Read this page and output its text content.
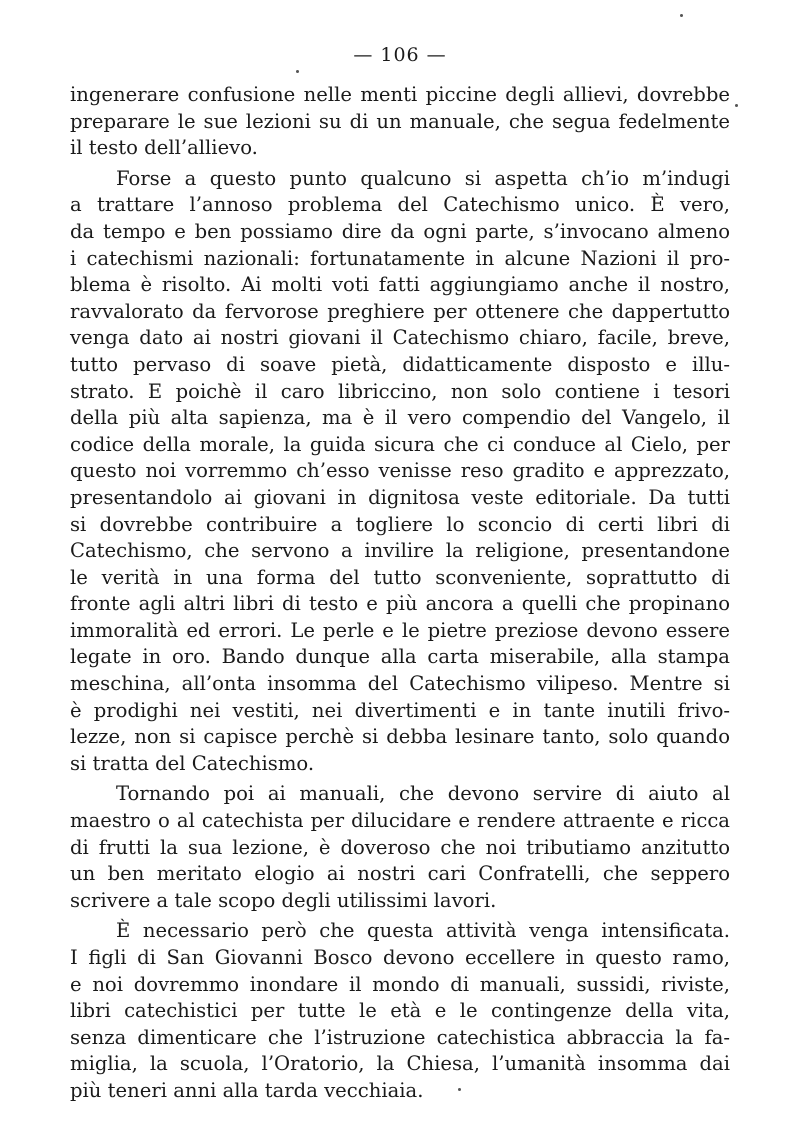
— 106 —

ingenerare confusione nelle menti piccine degli allievi, dovrebbe
preparare le sue lezioni su di un manuale, che segua fedelmente
il testo dell’allievo.

Forse a questo punto qualcuno si aspetta ch’io m’indugi
a trattare l’annoso problema del Catechismo unico. È vero,
da tempo e ben possiamo dire da ogni parte, s’invocano almeno
i catechismi nazionali: fortunatamente in alcune Nazioni il pro-
blema è risolto. Ai molti voti fatti aggiungiamo anche il nostro,
ravvalorato da fervorose preghiere per ottenere che dappertutto
venga dato ai nostri giovani il Catechismo chiaro, facile, breve,
tutto pervaso di soave pietà, didatticamente disposto e illu-
strato. E poichè il caro libriccino, non solo contiene i tesori
della più alta sapienza, ma è il vero compendio del Vangelo, il
codice della morale, la guida sicura che ci conduce al Cielo, per
questo noi vorremmo ch’esso venisse reso gradito e apprezzato,
presentandolo ai giovani in dignitosa veste editoriale. Da tutti
si dovrebbe contribuire a togliere lo sconcio di certi libri di
Catechismo, che servono a invilire la religione, presentandone
le verità in una forma del tutto sconveniente, soprattutto di
fronte agli altri libri di testo e più ancora a quelli che propinano
immoralità ed errori. Le perle e le pietre preziose devono essere
legate in oro. Bando dunque alla carta miserabile, alla stampa
meschina, all’onta insomma del Catechismo vilipeso. Mentre si
è prodighi nei vestiti, nei divertimenti e in tante inutili frivo-
lezze, non si capisce perchè si debba lesinare tanto, solo quando
si tratta del Catechismo.

Tornando poi ai manuali, che devono servire di aiuto al
maestro o al catechista per dilucidare e rendere attraente e ricca
di frutti la sua lezione, è doveroso che noi tributiamo anzitutto
un ben meritato elogio ai nostri cari Confratelli, che seppero
scrivere a tale scopo degli utilissimi lavori.

È necessario però che questa attività venga intensificata.
I figli di San Giovanni Bosco devono eccellere in questo ramo,
e noi dovremmo inondare il mondo di manuali, sussidi, riviste,
libri catechistici per tutte le età e le contingenze della vita,
senza dimenticare che l’istruzione catechistica abbraccia la fa-
miglia, la scuola, l’Oratorio, la Chiesa, l’umanità insomma dai
più teneri anni alla tarda vecchiaia.
